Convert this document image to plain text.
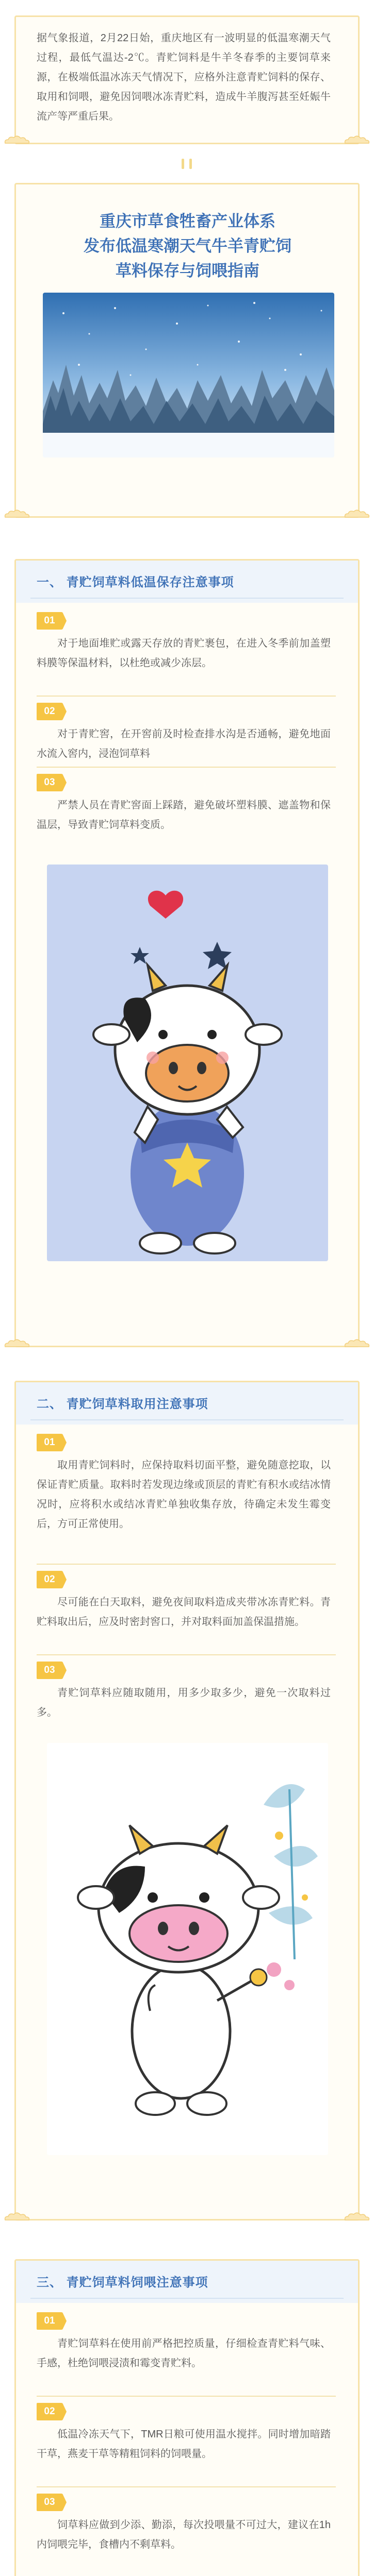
据气象报道，2月22日始，重庆地区有一波明显的低温寒潮天气过程，最低气温达-2℃。青贮饲料是牛羊冬春季的主要饲草来源，在极端低温冰冻天气情况下，应格外注意青贮饲料的保存、取用和饲喂，避免因饲喂冰冻青贮料，造成牛羊腹泻甚至妊娠牛流产等严重后果。

重庆市草食牲畜产业体系

发布低温寒潮天气牛羊青贮饲

草料保存与饲喂指南

一、 青贮饲草料低温保存注意事项
01

对于地面堆贮或露天存放的青贮裹包，在进入冬季前加盖塑料膜等保温材料，以杜绝或减少冻层。

02

对于青贮窖，在开窖前及时检查排水沟是否通畅，避免地面水流入窖内，浸泡饲草料

03

严禁人员在青贮窖面上踩踏，避免破坏塑料膜、遮盖物和保温层，导致青贮饲草料变质。

二、 青贮饲草料取用注意事项
01

取用青贮饲料时，应保持取料切面平整，避免随意挖取，以保证青贮质量。取料时若发现边缘或顶层的青贮有积水或结冰情况时，应将积水或结冰青贮单独收集存放，待确定未发生霉变后，方可正常使用。

02

尽可能在白天取料，避免夜间取料造成夹带冰冻青贮料。青贮料取出后，应及时密封窖口，并对取料面加盖保温措施。

03

青贮饲草料应随取随用，用多少取多少，避免一次取料过多。

三、 青贮饲草料饲喂注意事项
01

青贮饲草料在使用前严格把控质量，仔细检查青贮料气味、手感，杜绝饲喂浸渍和霉变青贮料。

02

低温冷冻天气下，TMR日粮可使用温水搅拌。同时增加暗踏干草，燕麦干草等精粗饲料的饲喂量。

03

饲草料应做到少添、勤添，每次投喂量不可过大，建议在1h内饲喂完毕，食槽内不剩草料。
